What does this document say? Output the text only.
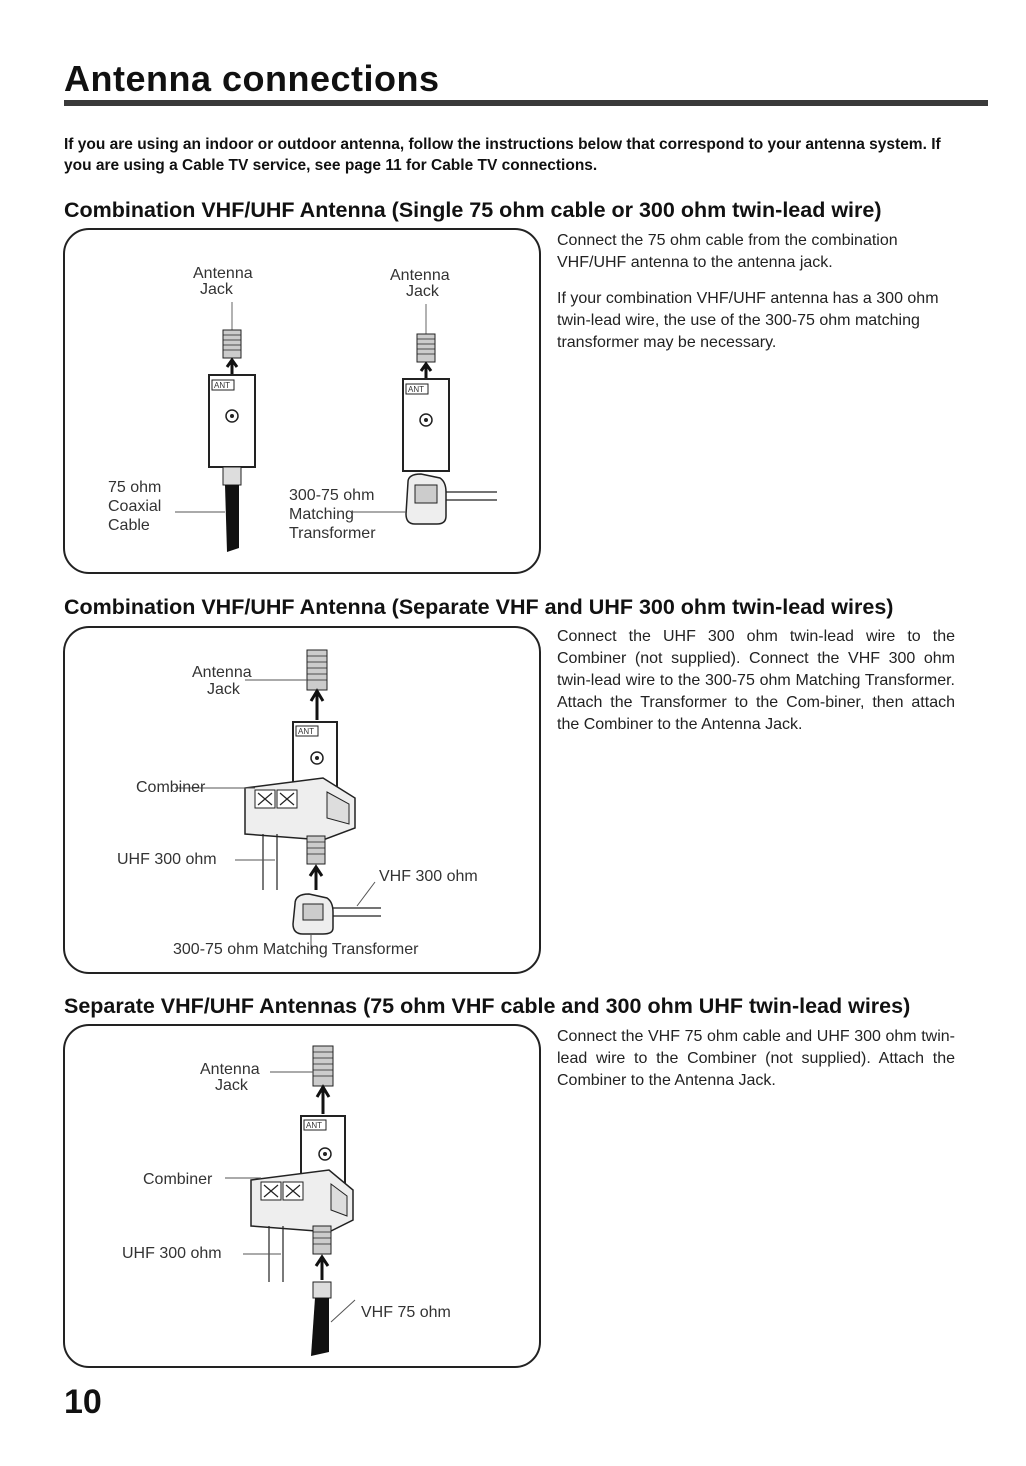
Antenna connections

If you are using an indoor or outdoor antenna, follow the instructions below that correspond to your antenna system. If you are using a Cable TV service, see page 11 for Cable TV connections.

Combination VHF/UHF Antenna (Single 75 ohm cable or 300 ohm twin-lead wire)
ANT
Antenna
Jack
75 ohm
Coaxial
Cable
ANT
Antenna
Jack
300-75 ohm
Matching
Transformer

Connect the 75 ohm cable from the combination VHF/UHF antenna to the antenna jack.

If your combination VHF/UHF antenna has a 300 ohm twin-lead wire, the use of the 300-75 ohm matching transformer may be necessary.

Combination VHF/UHF Antenna (Separate VHF and UHF 300 ohm twin-lead wires)
ANT
Antenna
Jack
Combiner
UHF 300 ohm
VHF 300 ohm
300-75 ohm Matching Transformer

Connect the UHF 300 ohm twin-lead wire to the Combiner (not supplied). Connect the VHF 300 ohm twin-lead wire to the 300-75 ohm Matching Transformer. Attach the Transformer to the Com-biner, then attach the Combiner to the Antenna Jack.

Separate VHF/UHF Antennas (75 ohm VHF cable and 300 ohm UHF twin-lead wires)
ANT
Antenna
Jack
Combiner
UHF 300 ohm
VHF 75 ohm

Connect the VHF 75 ohm cable and UHF 300 ohm twin-lead wire to the Combiner (not supplied). Attach the Combiner to the Antenna Jack.

10
